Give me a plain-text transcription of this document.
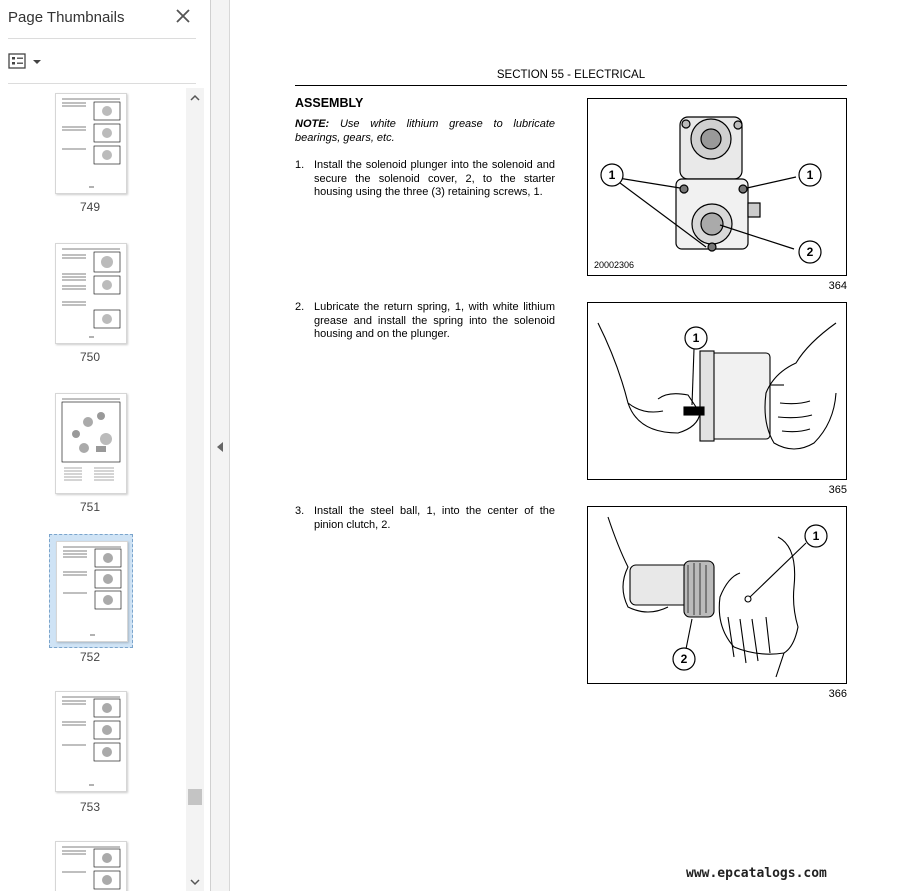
Page Thumbnails
749
750
751
752
753
SECTION 55 - ELECTRICAL
ASSEMBLY
NOTE: Use white lithium grease to lubricate bearings, gears, etc.
1. Install the solenoid plunger into the solenoid and secure the solenoid cover, 2, to the starter housing using the three (3) retaining screws, 1.
2. Lubricate the return spring, 1, with white lithium grease and install the spring into the solenoid housing and on the plunger.
3. Install the steel ball, 1, into the center of the pinion clutch, 2.
1	1
2
20002306
364
1
365
1
2
366
www.epcatalogs.com
